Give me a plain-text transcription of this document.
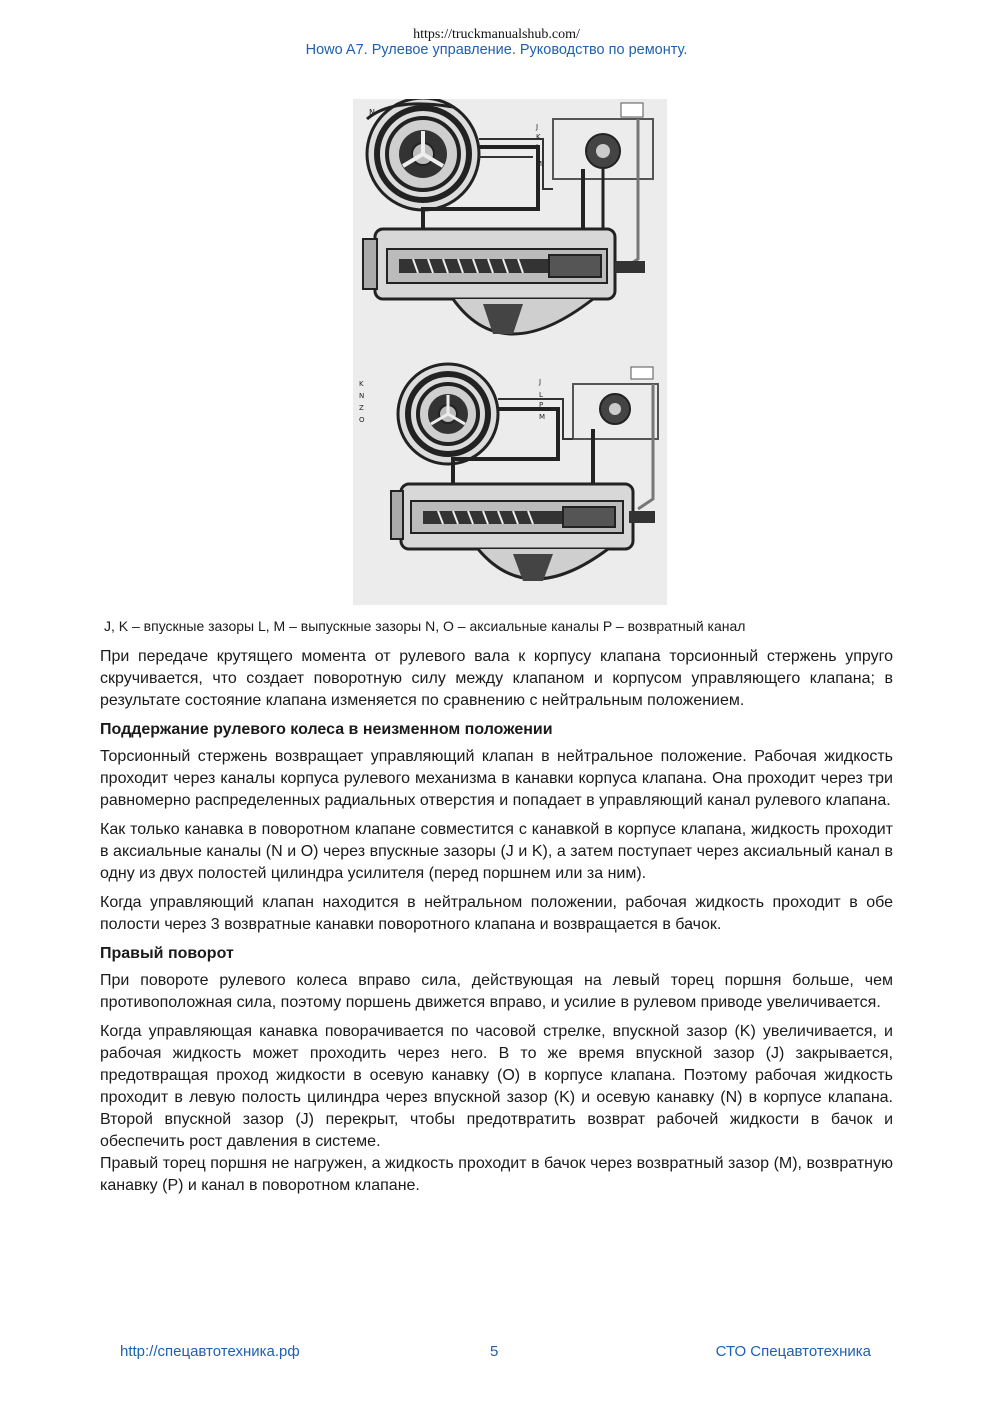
https://truckmanualshub.com/
Howo A7. Рулевое управление. Руководство по ремонту.
N
J
K
L
P
M
K
N
Z
O
J
L
P
M
J, K – впускные зазоры L, M – выпускные зазоры N, O – аксиальные каналы P – возвратный канал

При передаче крутящего момента от рулевого вала к корпусу клапана торсионный стержень упруго скручивается, что создает поворотную силу между клапаном и корпусом управляющего клапана; в результате состояние клапана изменяется по сравнению с нейтральным положением.

Поддержание рулевого колеса в неизменном положении

Торсионный стержень возвращает управляющий клапан в нейтральное положение. Рабочая жидкость проходит через каналы корпуса рулевого механизма в канавки корпуса клапана. Она проходит через три равномерно распределенных радиальных отверстия и попадает в управляющий канал рулевого клапана.

Как только канавка в поворотном клапане совместится с канавкой в корпусе клапана, жидкость проходит в аксиальные каналы (N и O) через впускные зазоры (J и K), а затем поступает через аксиальный канал в одну из двух полостей цилиндра усилителя (перед поршнем или за ним).

Когда управляющий клапан находится в нейтральном положении, рабочая жидкость проходит в обе полости через 3 возвратные канавки поворотного клапана и возвращается в бачок.

Правый поворот

При повороте рулевого колеса вправо сила, действующая на левый торец поршня больше, чем противоположная сила, поэтому поршень движется вправо, и усилие в рулевом приводе увеличивается.

Когда управляющая канавка поворачивается по часовой стрелке, впускной зазор (K) увеличивается, и рабочая жидкость может проходить через него. В то же время впускной зазор (J) закрывается, предотвращая проход жидкости в осевую канавку (O) в корпусе клапана. Поэтому рабочая жидкость проходит в левую полость цилиндра через впускной зазор (K) и осевую канавку (N) в корпусе клапана. Второй впускной зазор (J) перекрыт, чтобы предотвратить возврат рабочей жидкости в бачок и обеспечить рост давления в системе.

Правый торец поршня не нагружен, а жидкость проходит в бачок через возвратный зазор (M), возвратную канавку (P) и канал в поворотном клапане.

http://спецавтотехника.рф	5	СТО Спецавтотехника
